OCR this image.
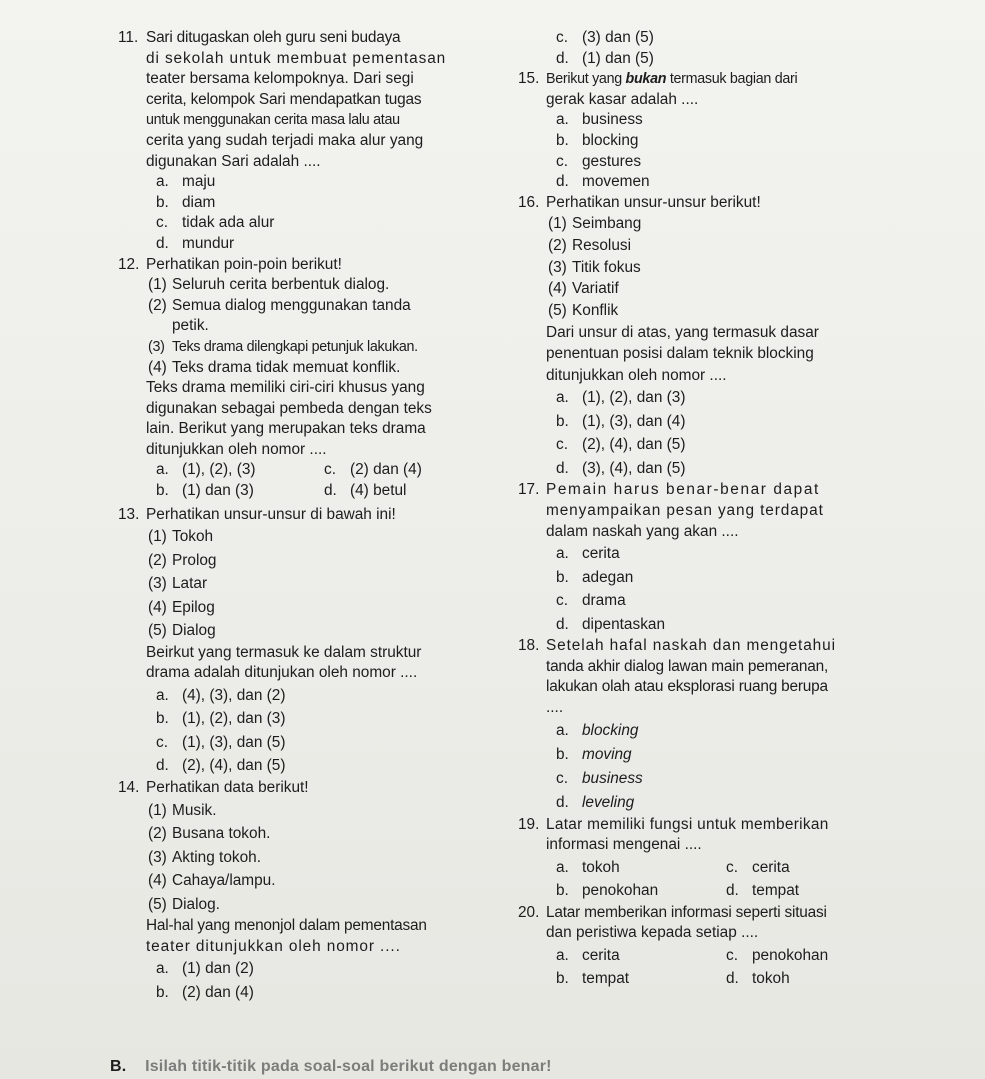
11. Sari ditugaskan oleh guru seni budaya
di sekolah untuk membuat pementasan
teater bersama kelompoknya. Dari segi
cerita, kelompok Sari mendapatkan tugas
untuk menggunakan cerita masa lalu atau
cerita yang sudah terjadi maka alur yang
digunakan Sari adalah ....
a. maju
b. diam
c. tidak ada alur
d. mundur
12. Perhatikan poin-poin berikut!
(1) Seluruh cerita berbentuk dialog.
(2) Semua dialog menggunakan tanda
petik.
(3) Teks drama dilengkapi petunjuk lakukan.
(4) Teks drama tidak memuat konflik.
Teks drama memiliki ciri-ciri khusus yang
digunakan sebagai pembeda dengan teks
lain. Berikut yang merupakan teks drama
ditunjukkan oleh nomor ....
a. (1), (2), (3)	c. (2) dan (4)
b. (1) dan (3)	d. (4) betul
13. Perhatikan unsur-unsur di bawah ini!
(1) Tokoh
(2) Prolog
(3) Latar
(4) Epilog
(5) Dialog
Beirkut yang termasuk ke dalam struktur
drama adalah ditunjukan oleh nomor ....
a. (4), (3), dan (2)
b. (1), (2), dan (3)
c. (1), (3), dan (5)
d. (2), (4), dan (5)
14. Perhatikan data berikut!
(1) Musik.
(2) Busana tokoh.
(3) Akting tokoh.
(4) Cahaya/lampu.
(5) Dialog.
Hal-hal yang menonjol dalam pementasan
teater ditunjukkan oleh nomor ....
a. (1) dan (2)
b. (2) dan (4)
c. (3) dan (5)
d. (1) dan (5)
15. Berikut yang bukan termasuk bagian dari
gerak kasar adalah ....
a. business
b. blocking
c. gestures
d. movemen
16. Perhatikan unsur-unsur berikut!
(1) Seimbang
(2) Resolusi
(3) Titik fokus
(4) Variatif
(5) Konflik
Dari unsur di atas, yang termasuk dasar
penentuan posisi dalam teknik blocking
ditunjukkan oleh nomor ....
a. (1), (2), dan (3)
b. (1), (3), dan (4)
c. (2), (4), dan (5)
d. (3), (4), dan (5)
17. Pemain harus benar-benar dapat
menyampaikan pesan yang terdapat
dalam naskah yang akan ....
a. cerita
b. adegan
c. drama
d. dipentaskan
18. Setelah hafal naskah dan mengetahui
tanda akhir dialog lawan main pemeranan,
lakukan olah atau eksplorasi ruang berupa
....
a. blocking
b. moving
c. business
d. leveling
19. Latar memiliki fungsi untuk memberikan
informasi mengenai ....
a. tokoh	c. cerita
b. penokohan	d. tempat
20. Latar memberikan informasi seperti situasi
dan peristiwa kepada setiap ....
a. cerita	c. penokohan
b. tempat	d. tokoh
B. Isilah titik-titik pada soal-soal berikut dengan benar!
